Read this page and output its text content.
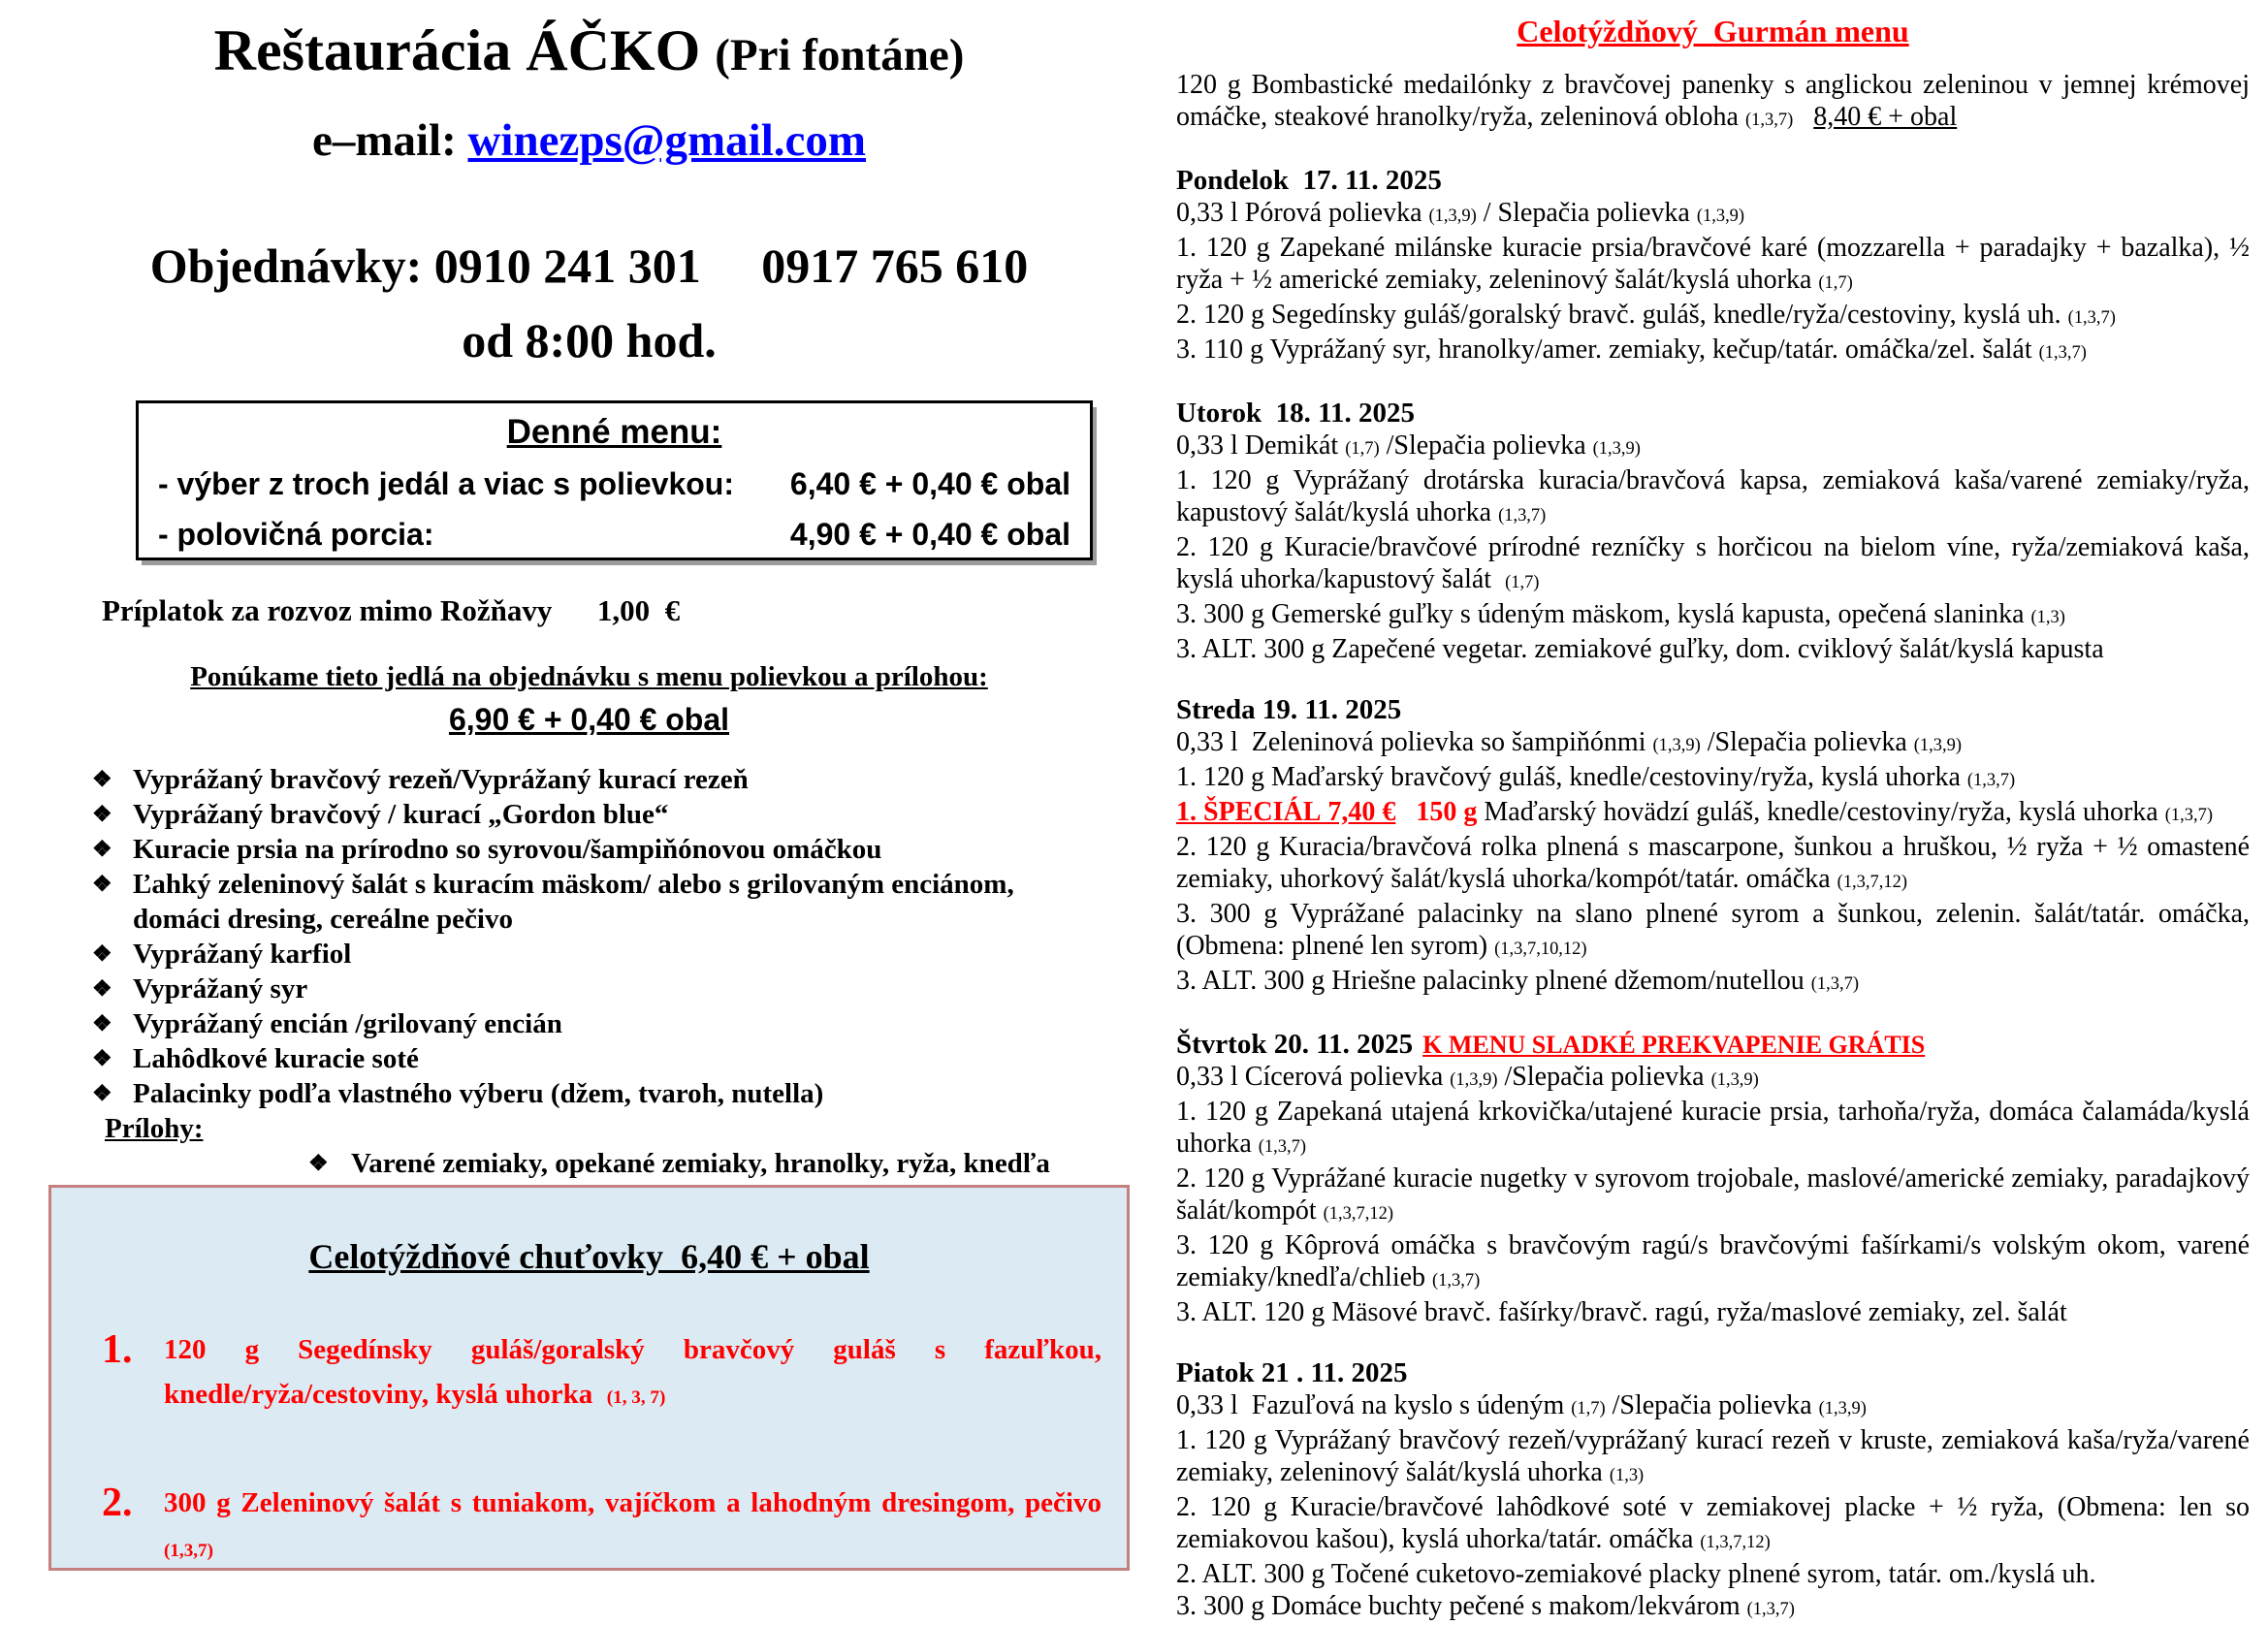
Reštaurácia ÁČKO (Pri fontáne)
e–mail: winezps@gmail.com
Objednávky: 0910 241 301     0917 765 610
od 8:00 hod.
Denné menu:
- výber z troch jedál a viac s polievkou: 6,40 € + 0,40 € obal
- polovičná porcia:	4,90 € + 0,40 € obal
Príplatok za rozvoz mimo Rožňavy      1,00  €
Ponúkame tieto jedlá na objednávku s menu polievkou a prílohou:
6,90 € + 0,40 € obal
❖ Vyprážaný bravčový rezeň/Vyprážaný kurací rezeň
❖ Vyprážaný bravčový / kurací „Gordon blue“
❖ Kuracie prsia na prírodno so syrovou/šampiňónovou omáčkou
❖ Ľahký zeleninový šalát s kuracím mäskom/ alebo s grilovaným enciánom, domáci dresing, cereálne pečivo
❖ Vyprážaný karfiol
❖ Vyprážaný syr
❖ Vyprážaný encián /grilovaný encián
❖ Lahôdkové kuracie soté
❖ Palacinky podľa vlastného výberu (džem, tvaroh, nutella)
Prílohy:
❖ Varené zemiaky, opekané zemiaky, hranolky, ryža, knedľa
Celotýždňové chuťovky  6,40 € + obal
1.	120 g Segedínsky guláš/goralský bravčový guláš s fazuľkou, knedle/ryža/cestoviny, kyslá uhorka  (1, 3, 7)
2.	300 g Zeleninový šalát s tuniakom, vajíčkom a lahodným dresingom, pečivo (1,3,7)
Celotýždňový  Gurmán menu

120 g Bombastické medailónky z bravčovej panenky s anglickou zeleninou v jemnej krémovej omáčke, steakové hranolky/ryža, zeleninová obloha (1,3,7) 8,40 € + obal

Pondelok  17. 11. 2025

0,33 l Pórová polievka (1,3,9) / Slepačia polievka (1,3,9)

1. 120 g Zapekané milánske kuracie prsia/bravčové karé (mozzarella + paradajky + bazalka), ½ ryža + ½ americké zemiaky, zeleninový šalát/kyslá uhorka (1,7)

2. 120 g Segedínsky guláš/goralský bravč. guláš, knedle/ryža/cestoviny, kyslá uh. (1,3,7)

3. 110 g Vyprážaný syr, hranolky/amer. zemiaky, kečup/tatár. omáčka/zel. šalát (1,3,7)

Utorok  18. 11. 2025

0,33 l Demikát (1,7) /Slepačia polievka (1,3,9)

1. 120 g Vyprážaný drotárska kuracia/bravčová kapsa, zemiaková kaša/varené zemiaky/ryža, kapustový šalát/kyslá uhorka (1,3,7)

2. 120 g Kuracie/bravčové prírodné rezníčky s horčicou na bielom víne, ryža/zemiaková kaša, kyslá uhorka/kapustový šalát  (1,7)

3. 300 g Gemerské guľky s údeným mäskom, kyslá kapusta, opečená slaninka (1,3)

3. ALT. 300 g Zapečené vegetar. zemiakové guľky, dom. cviklový šalát/kyslá kapusta

Streda 19. 11. 2025

0,33 l  Zeleninová polievka so šampiňónmi (1,3,9) /Slepačia polievka (1,3,9)

1. 120 g Maďarský bravčový guláš, knedle/cestoviny/ryža, kyslá uhorka (1,3,7)

1. ŠPECIÁL 7,40 €   150 g Maďarský hovädzí guláš, knedle/cestoviny/ryža, kyslá uhorka (1,3,7)

2. 120 g Kuracia/bravčová rolka plnená s mascarpone, šunkou a hruškou, ½ ryža + ½ omastené zemiaky, uhorkový šalát/kyslá uhorka/kompót/tatár. omáčka (1,3,7,12)

3. 300 g Vyprážané palacinky na slano plnené syrom a šunkou, zelenin. šalát/tatár. omáčka, (Obmena: plnené len syrom) (1,3,7,10,12)

3. ALT. 300 g Hriešne palacinky plnené džemom/nutellou (1,3,7)

Štvrtok 20. 11. 2025 K MENU SLADKÉ PREKVAPENIE GRÁTIS

0,33 l Cícerová polievka (1,3,9) /Slepačia polievka (1,3,9)

1. 120 g Zapekaná utajená krkovička/utajené kuracie prsia, tarhoňa/ryža, domáca čalamáda/kyslá uhorka (1,3,7)

2. 120 g Vyprážané kuracie nugetky v syrovom trojobale, maslové/americké zemiaky, paradajkový šalát/kompót (1,3,7,12)

3. 120 g Kôprová omáčka s bravčovým ragú/s bravčovými fašírkami/s volským okom, varené zemiaky/knedľa/chlieb (1,3,7)

3. ALT. 120 g Mäsové bravč. fašírky/bravč. ragú, ryža/maslové zemiaky, zel. šalát

Piatok 21 . 11. 2025

0,33 l  Fazuľová na kyslo s údeným (1,7) /Slepačia polievka (1,3,9)

1. 120 g Vyprážaný bravčový rezeň/vyprážaný kurací rezeň v kruste, zemiaková kaša/ryža/varené zemiaky, zeleninový šalát/kyslá uhorka (1,3)

2. 120 g Kuracie/bravčové lahôdkové soté v zemiakovej placke + ½ ryža, (Obmena: len so zemiakovou kašou), kyslá uhorka/tatár. omáčka (1,3,7,12)

2. ALT. 300 g Točené cuketovo-zemiakové placky plnené syrom, tatár. om./kyslá uh.

3. 300 g Domáce buchty pečené s makom/lekvárom (1,3,7)
